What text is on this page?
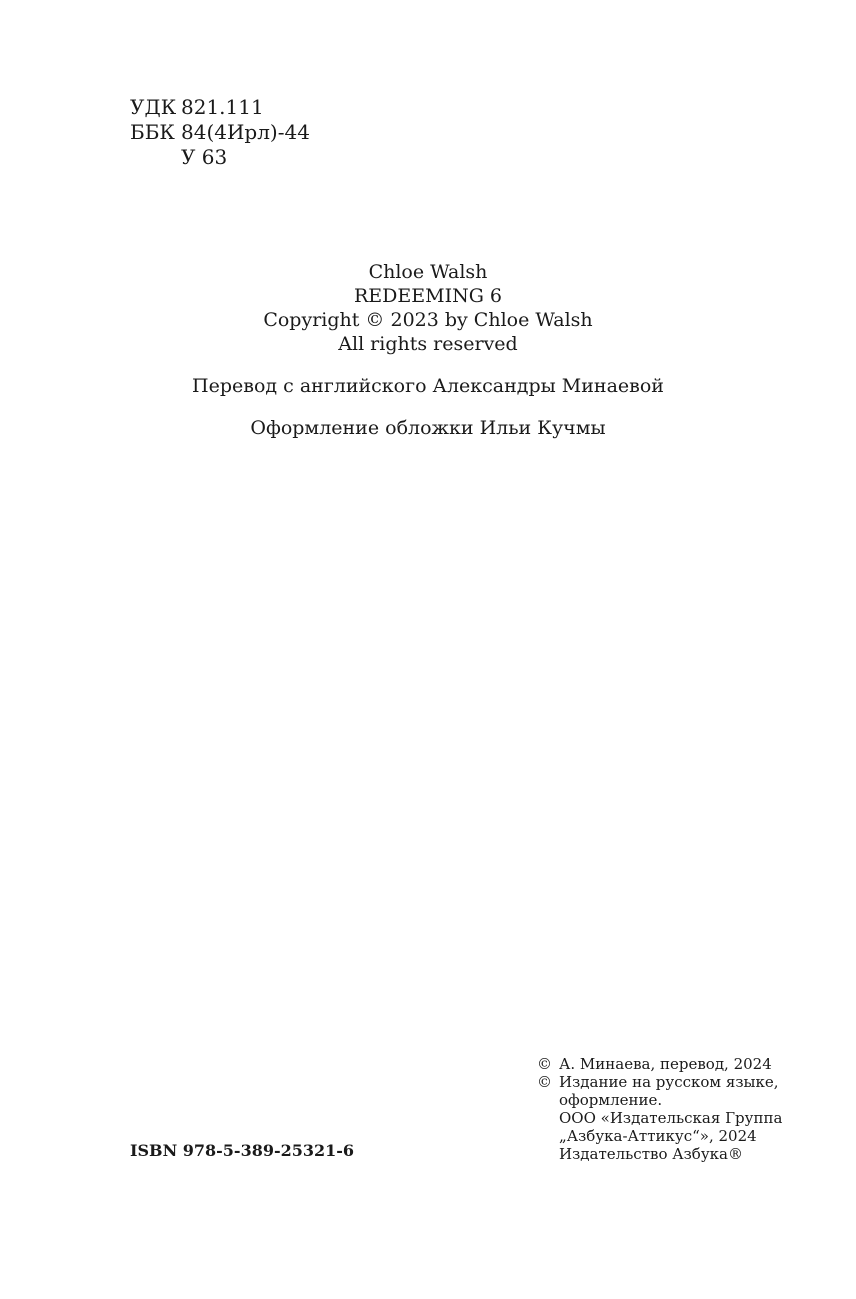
УДК 821.111
ББК 84(4Ирл)-44
У 63
Chloe Walsh
REDEEMING 6
Copyright © 2023 by Chloe Walsh
All rights reserved
Перевод с английского Александры Минаевой
Оформление обложки Ильи Кучмы
ISBN 978-5-389-25321-6
© А. Минаева, перевод, 2024
© Издание на русском языке,
оформление.
ООО «Издательская Группа
„Азбука-Аттикус“», 2024
Издательство Азбука®
